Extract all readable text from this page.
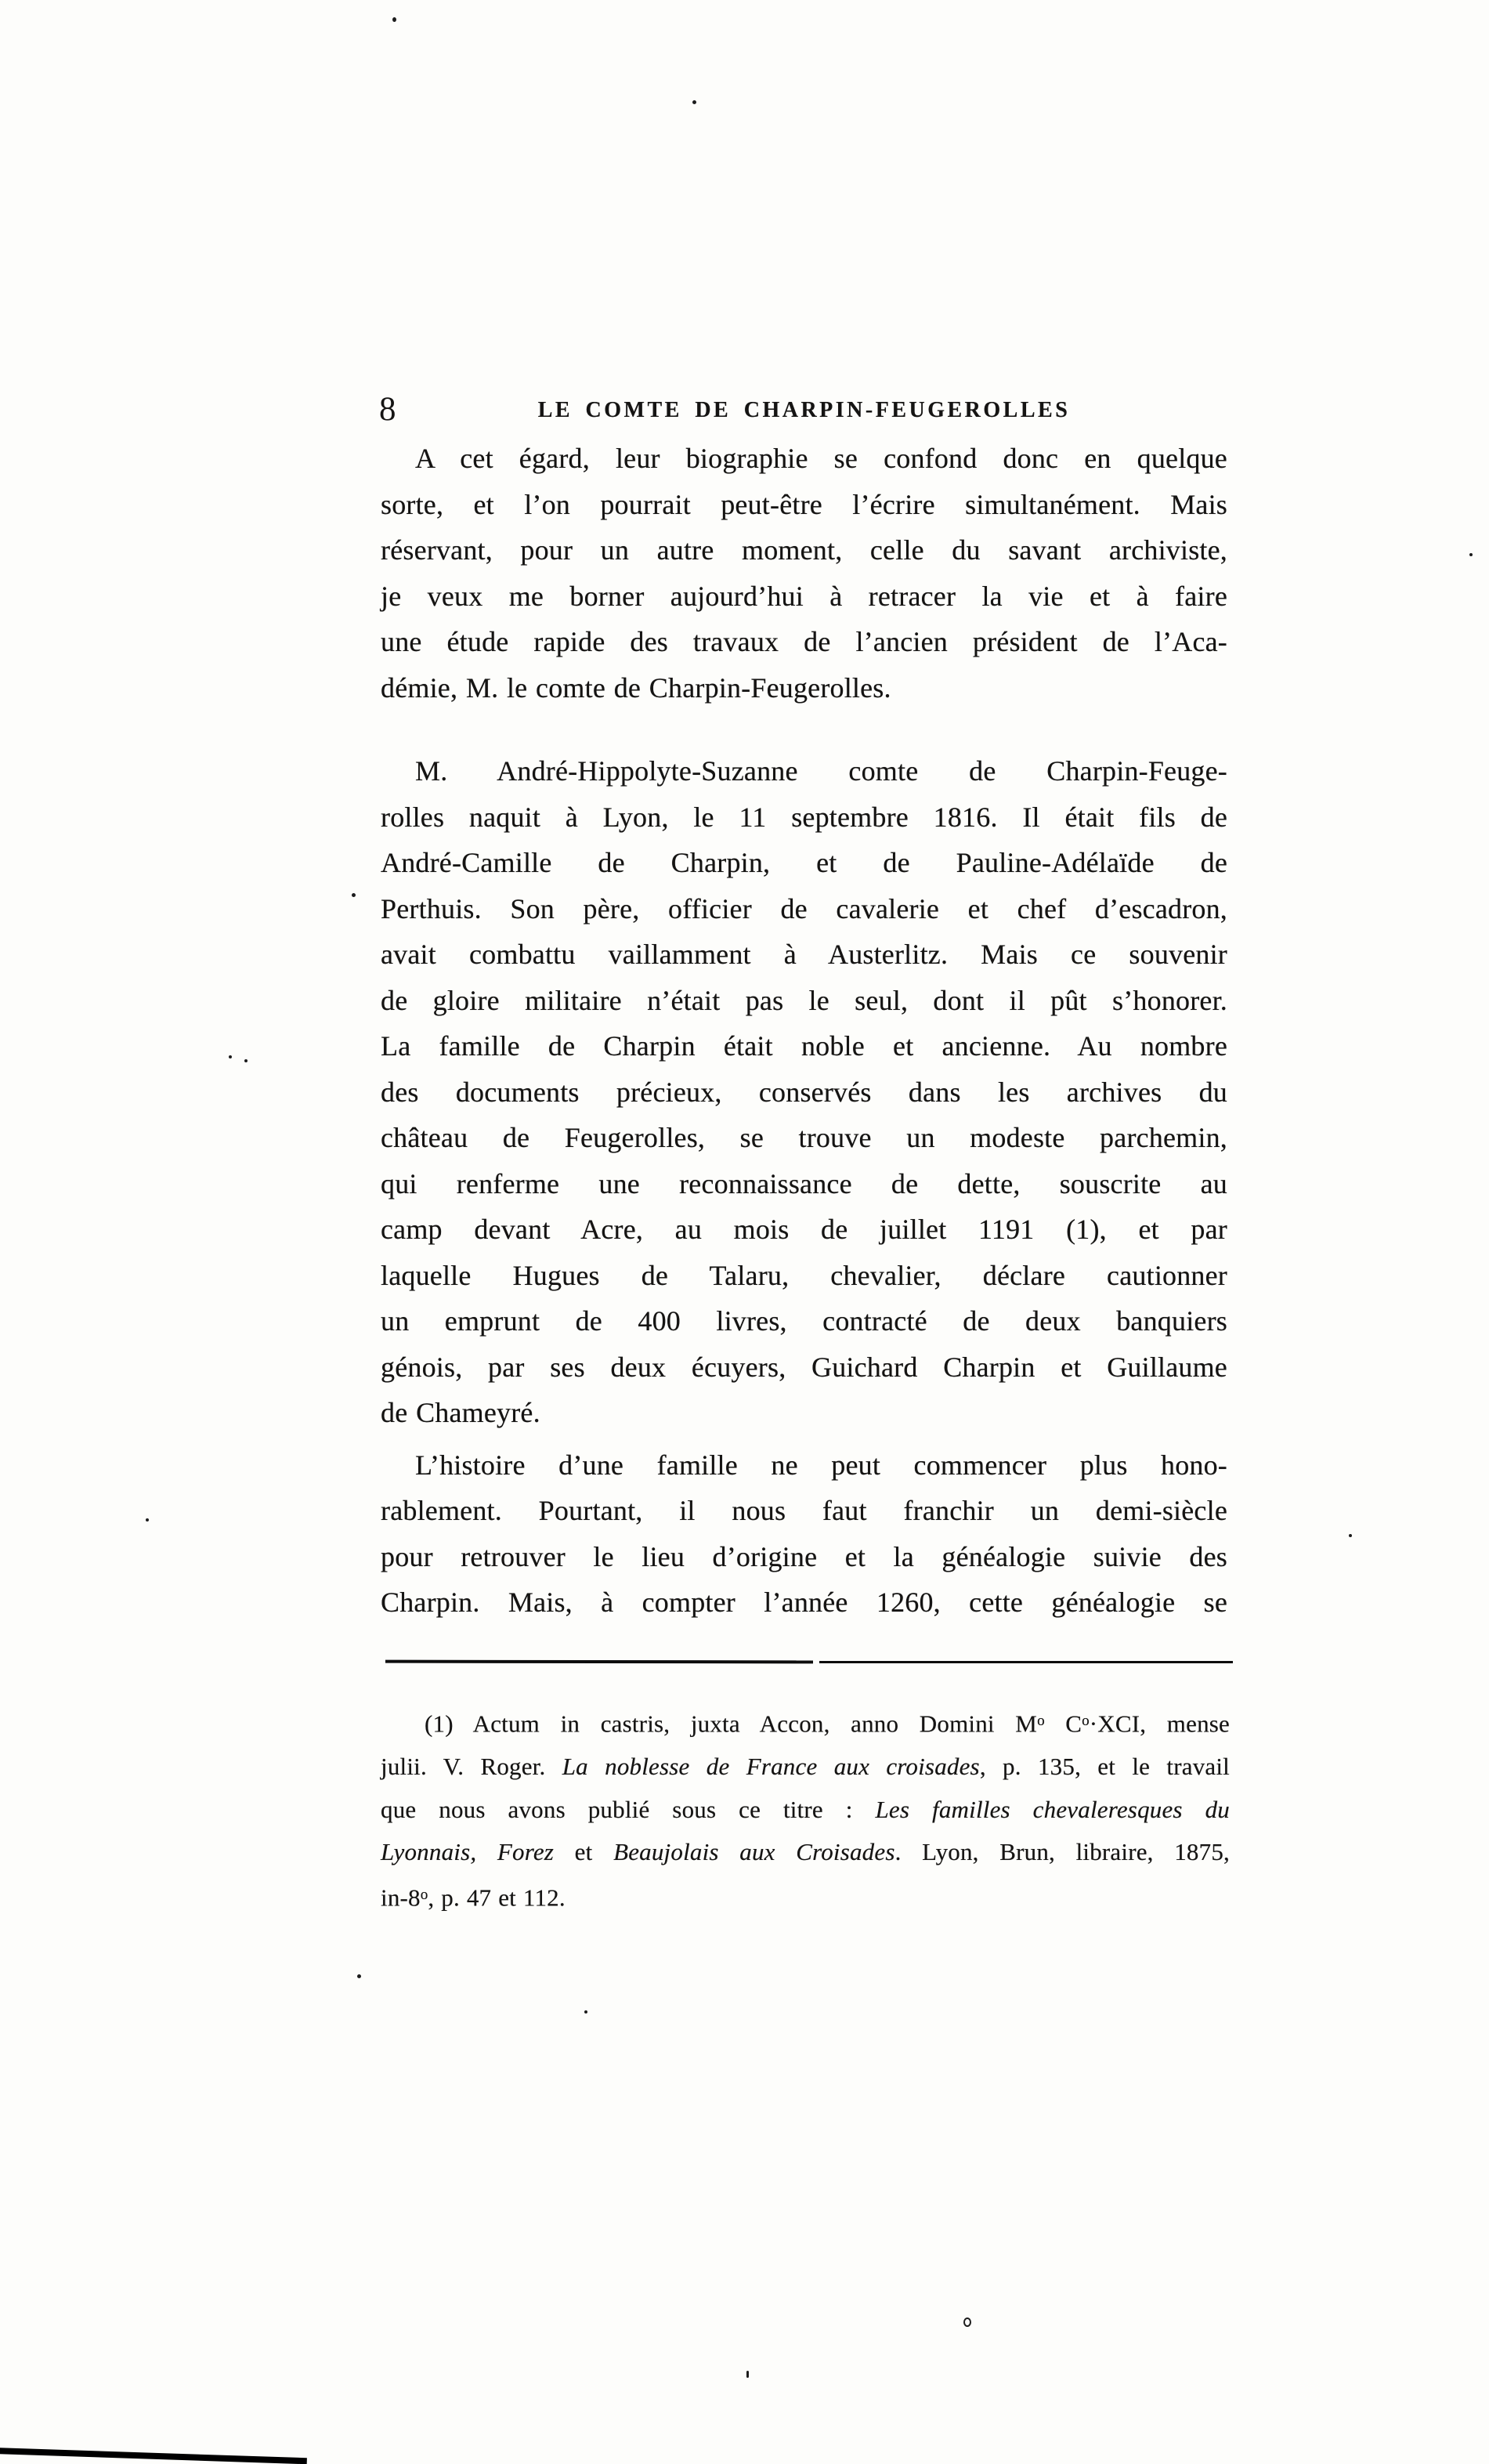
8	LE COMTE DE CHARPIN-FEUGEROLLES
A cet égard, leur biographie se confond donc en quelque
sorte, et l’on pourrait peut-être l’écrire simultanément. Mais
réservant, pour un autre moment, celle du savant archiviste,
je veux me borner aujourd’hui à retracer la vie et à faire
une étude rapide des travaux de l’ancien président de l’Aca-
démie, M. le comte de Charpin-Feugerolles.
M. André-Hippolyte-Suzanne comte de Charpin-Feuge-
rolles naquit à Lyon, le 11 septembre 1816. Il était fils de
André-Camille de Charpin, et de Pauline-Adélaïde de
Perthuis. Son père, officier de cavalerie et chef d’escadron,
avait combattu vaillamment à Austerlitz. Mais ce souvenir
de gloire militaire n’était pas le seul, dont il pût s’honorer.
La famille de Charpin était noble et ancienne. Au nombre
des documents précieux, conservés dans les archives du
château de Feugerolles, se trouve un modeste parchemin,
qui renferme une reconnaissance de dette, souscrite au
camp devant Acre, au mois de juillet 1191 (1), et par
laquelle Hugues de Talaru, chevalier, déclare cautionner
un emprunt de 400 livres, contracté de deux banquiers
génois, par ses deux écuyers, Guichard Charpin et Guillaume
de Chameyré.
L’histoire d’une famille ne peut commencer plus hono-
rablement. Pourtant, il nous faut franchir un demi-siècle
pour retrouver le lieu d’origine et la généalogie suivie des
Charpin. Mais, à compter l’année 1260, cette généalogie se
(1) Actum in castris, juxta Accon, anno Domini $M^o$ $C^o\cdot XCI$, mense
julii. V. Roger. La noblesse de France aux croisades, p. 135, et le travail
que nous avons publié sous ce titre : Les familles chevaleresques du
Lyonnais, Forez et Beaujolais aux Croisades. Lyon, Brun, libraire, 1875,
in-8$^o$, p. 47 et 112.
